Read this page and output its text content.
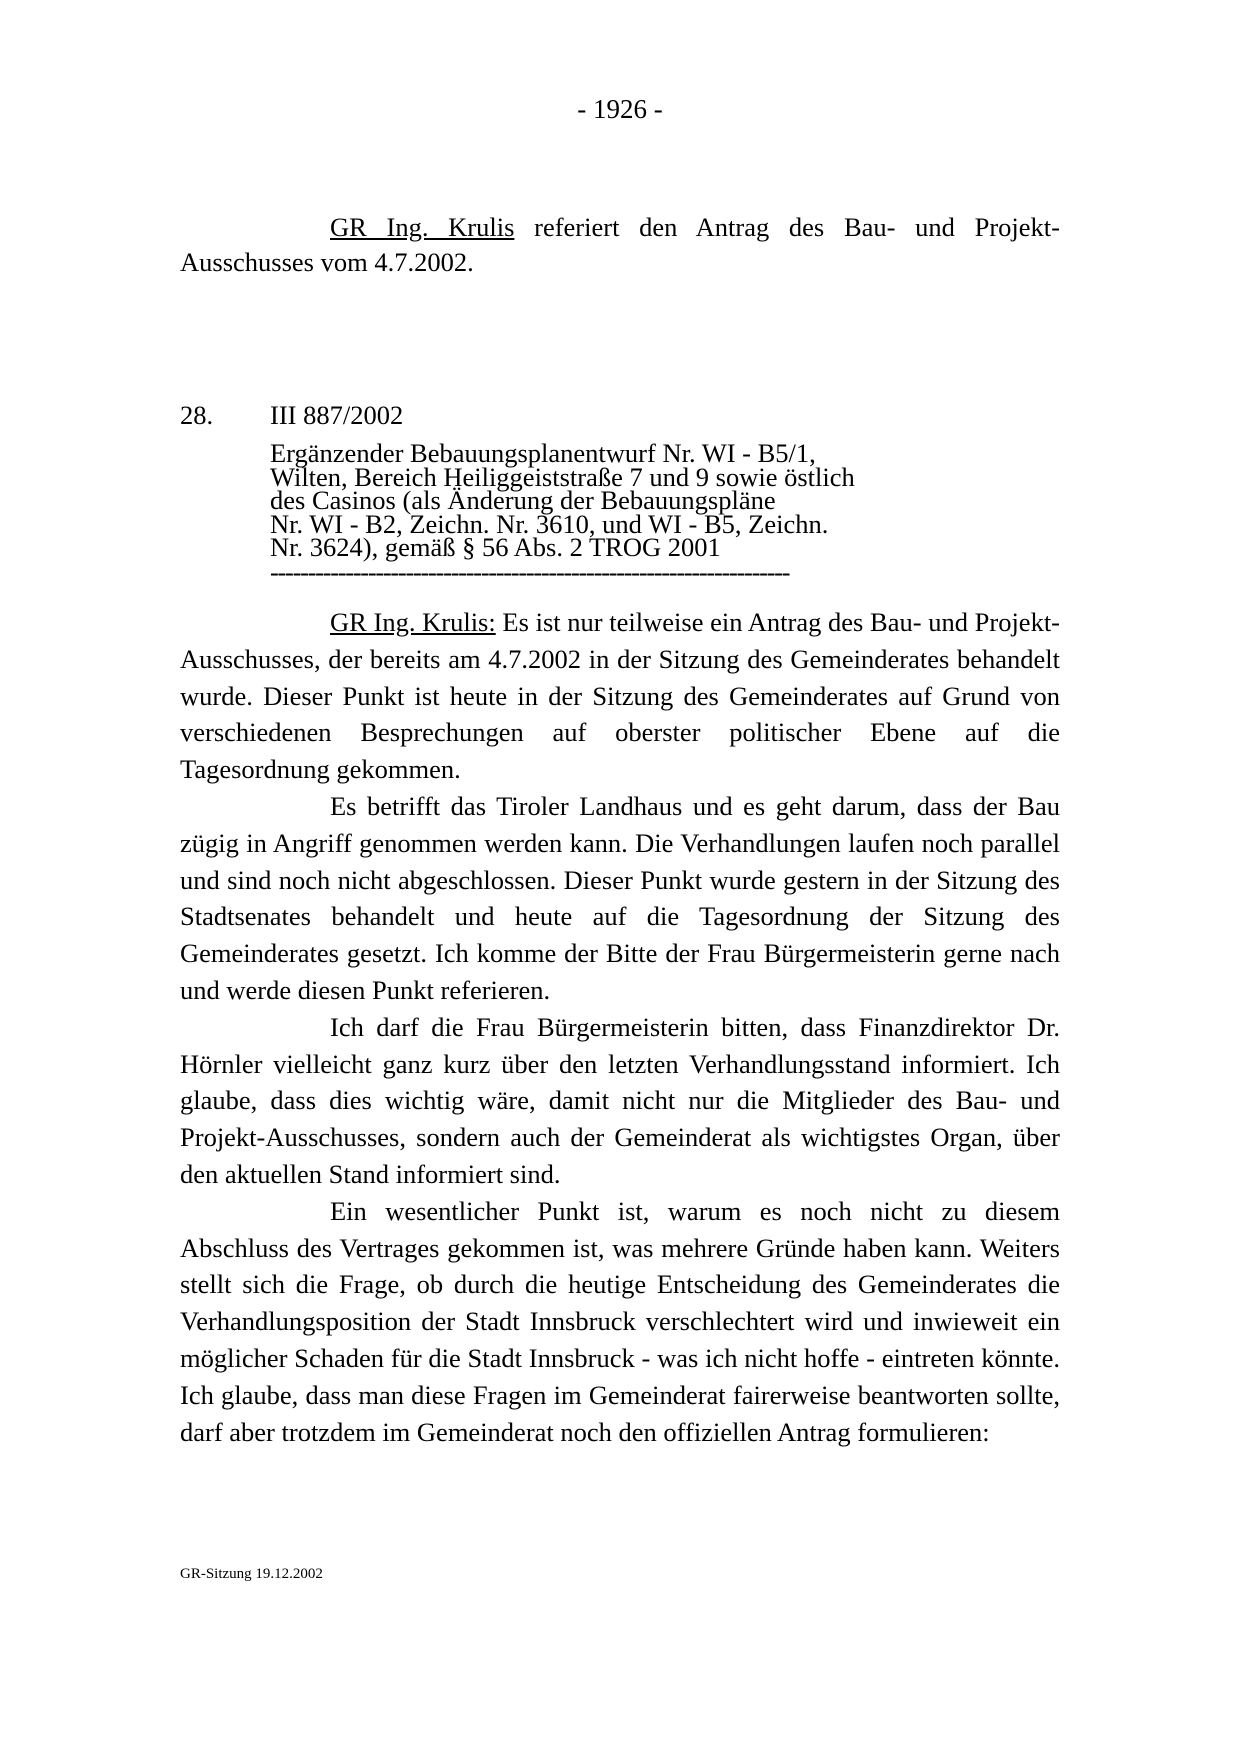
- 1926 -

GR Ing. Krulis referiert den Antrag des Bau- und Projekt-Ausschusses vom 4.7.2002.

28. III 887/2002
Ergänzender Bebauungsplanentwurf Nr. WI - B5/1,
Wilten, Bereich Heiliggeiststraße 7 und 9 sowie östlich
des Casinos (als Änderung der Bebauungspläne
Nr. WI - B2, Zeichn. Nr. 3610, und WI - B5, Zeichn.
Nr. 3624), gemäß § 56 Abs. 2 TROG 2001
---------------------------------------------------------------------

GR Ing. Krulis: Es ist nur teilweise ein Antrag des Bau- und Projekt-Ausschusses, der bereits am 4.7.2002 in der Sitzung des Gemeinderates behandelt wurde. Dieser Punkt ist heute in der Sitzung des Gemeinderates auf Grund von verschiedenen Besprechungen auf oberster politischer Ebene auf die Tagesordnung gekommen.

Es betrifft das Tiroler Landhaus und es geht darum, dass der Bau zügig in Angriff genommen werden kann. Die Verhandlungen laufen noch parallel und sind noch nicht abgeschlossen. Dieser Punkt wurde gestern in der Sitzung des Stadtsenates behandelt und heute auf die Tagesordnung der Sitzung des Gemeinderates gesetzt. Ich komme der Bitte der Frau Bürgermeisterin gerne nach und werde diesen Punkt referieren.

Ich darf die Frau Bürgermeisterin bitten, dass Finanzdirektor Dr. Hörnler vielleicht ganz kurz über den letzten Verhandlungsstand informiert. Ich glaube, dass dies wichtig wäre, damit nicht nur die Mitglieder des Bau- und Projekt-Ausschusses, sondern auch der Gemeinderat als wichtigstes Organ, über den aktuellen Stand informiert sind.

Ein wesentlicher Punkt ist, warum es noch nicht zu diesem Abschluss des Vertrages gekommen ist, was mehrere Gründe haben kann. Weiters stellt sich die Frage, ob durch die heutige Entscheidung des Gemeinderates die Verhandlungsposition der Stadt Innsbruck verschlechtert wird und inwieweit ein möglicher Schaden für die Stadt Innsbruck - was ich nicht hoffe - eintreten könnte. Ich glaube, dass man diese Fragen im Gemeinderat fairerweise beantworten sollte, darf aber trotzdem im Gemeinderat noch den offiziellen Antrag formulieren:

GR-Sitzung 19.12.2002
